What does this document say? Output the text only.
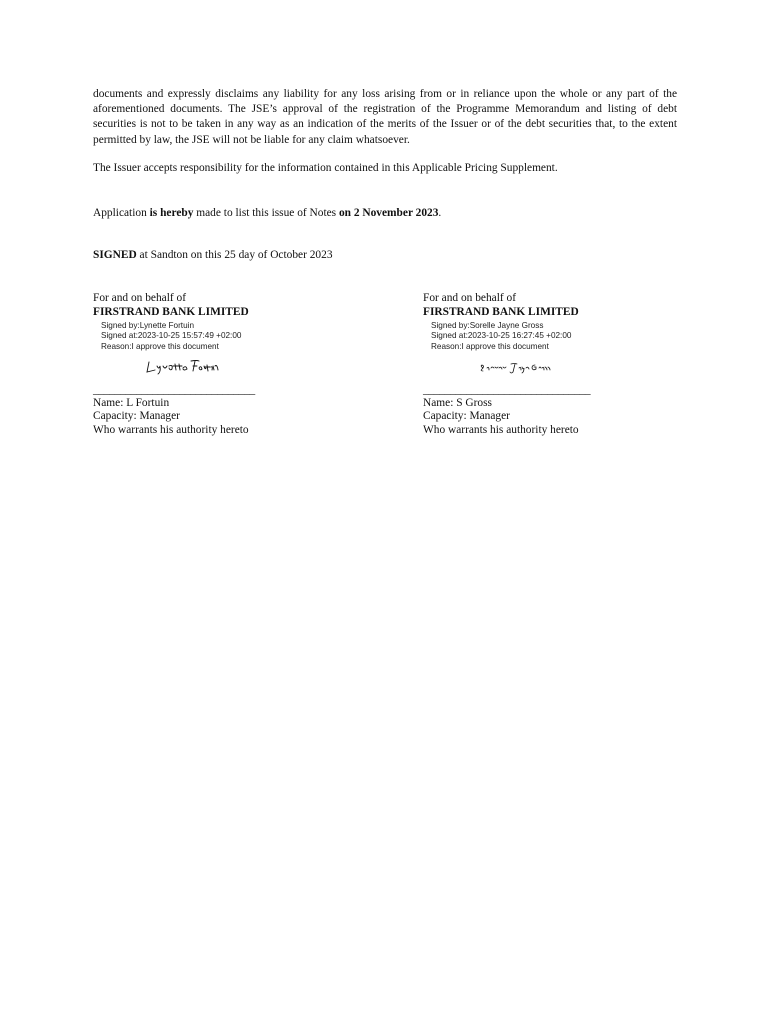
documents and expressly disclaims any liability for any loss arising from or in reliance upon the whole or any part of the aforementioned documents. The JSE’s approval of the registration of the Programme Memorandum and listing of debt securities is not to be taken in any way as an indication of the merits of the Issuer or of the debt securities that, to the extent permitted by law, the JSE will not be liable for any claim whatsoever.

The Issuer accepts responsibility for the information contained in this Applicable Pricing Supplement.

Application is hereby made to list this issue of Notes on 2 November 2023.
SIGNED at Sandton on this 25 day of October 2023
For and on behalf of
FIRSTRAND BANK LIMITED
Signed by:Lynette Fortuin
Signed at:2023-10-25 15:57:49 +02:00
Reason:I approve this document
______________________________
Name: L Fortuin
Capacity: Manager
Who warrants his authority hereto
For and on behalf of
FIRSTRAND BANK LIMITED
Signed by:Sorelle Jayne Gross
Signed at:2023-10-25 16:27:45 +02:00
Reason:I approve this document
_______________________________
Name: S Gross
Capacity: Manager
Who warrants his authority hereto
